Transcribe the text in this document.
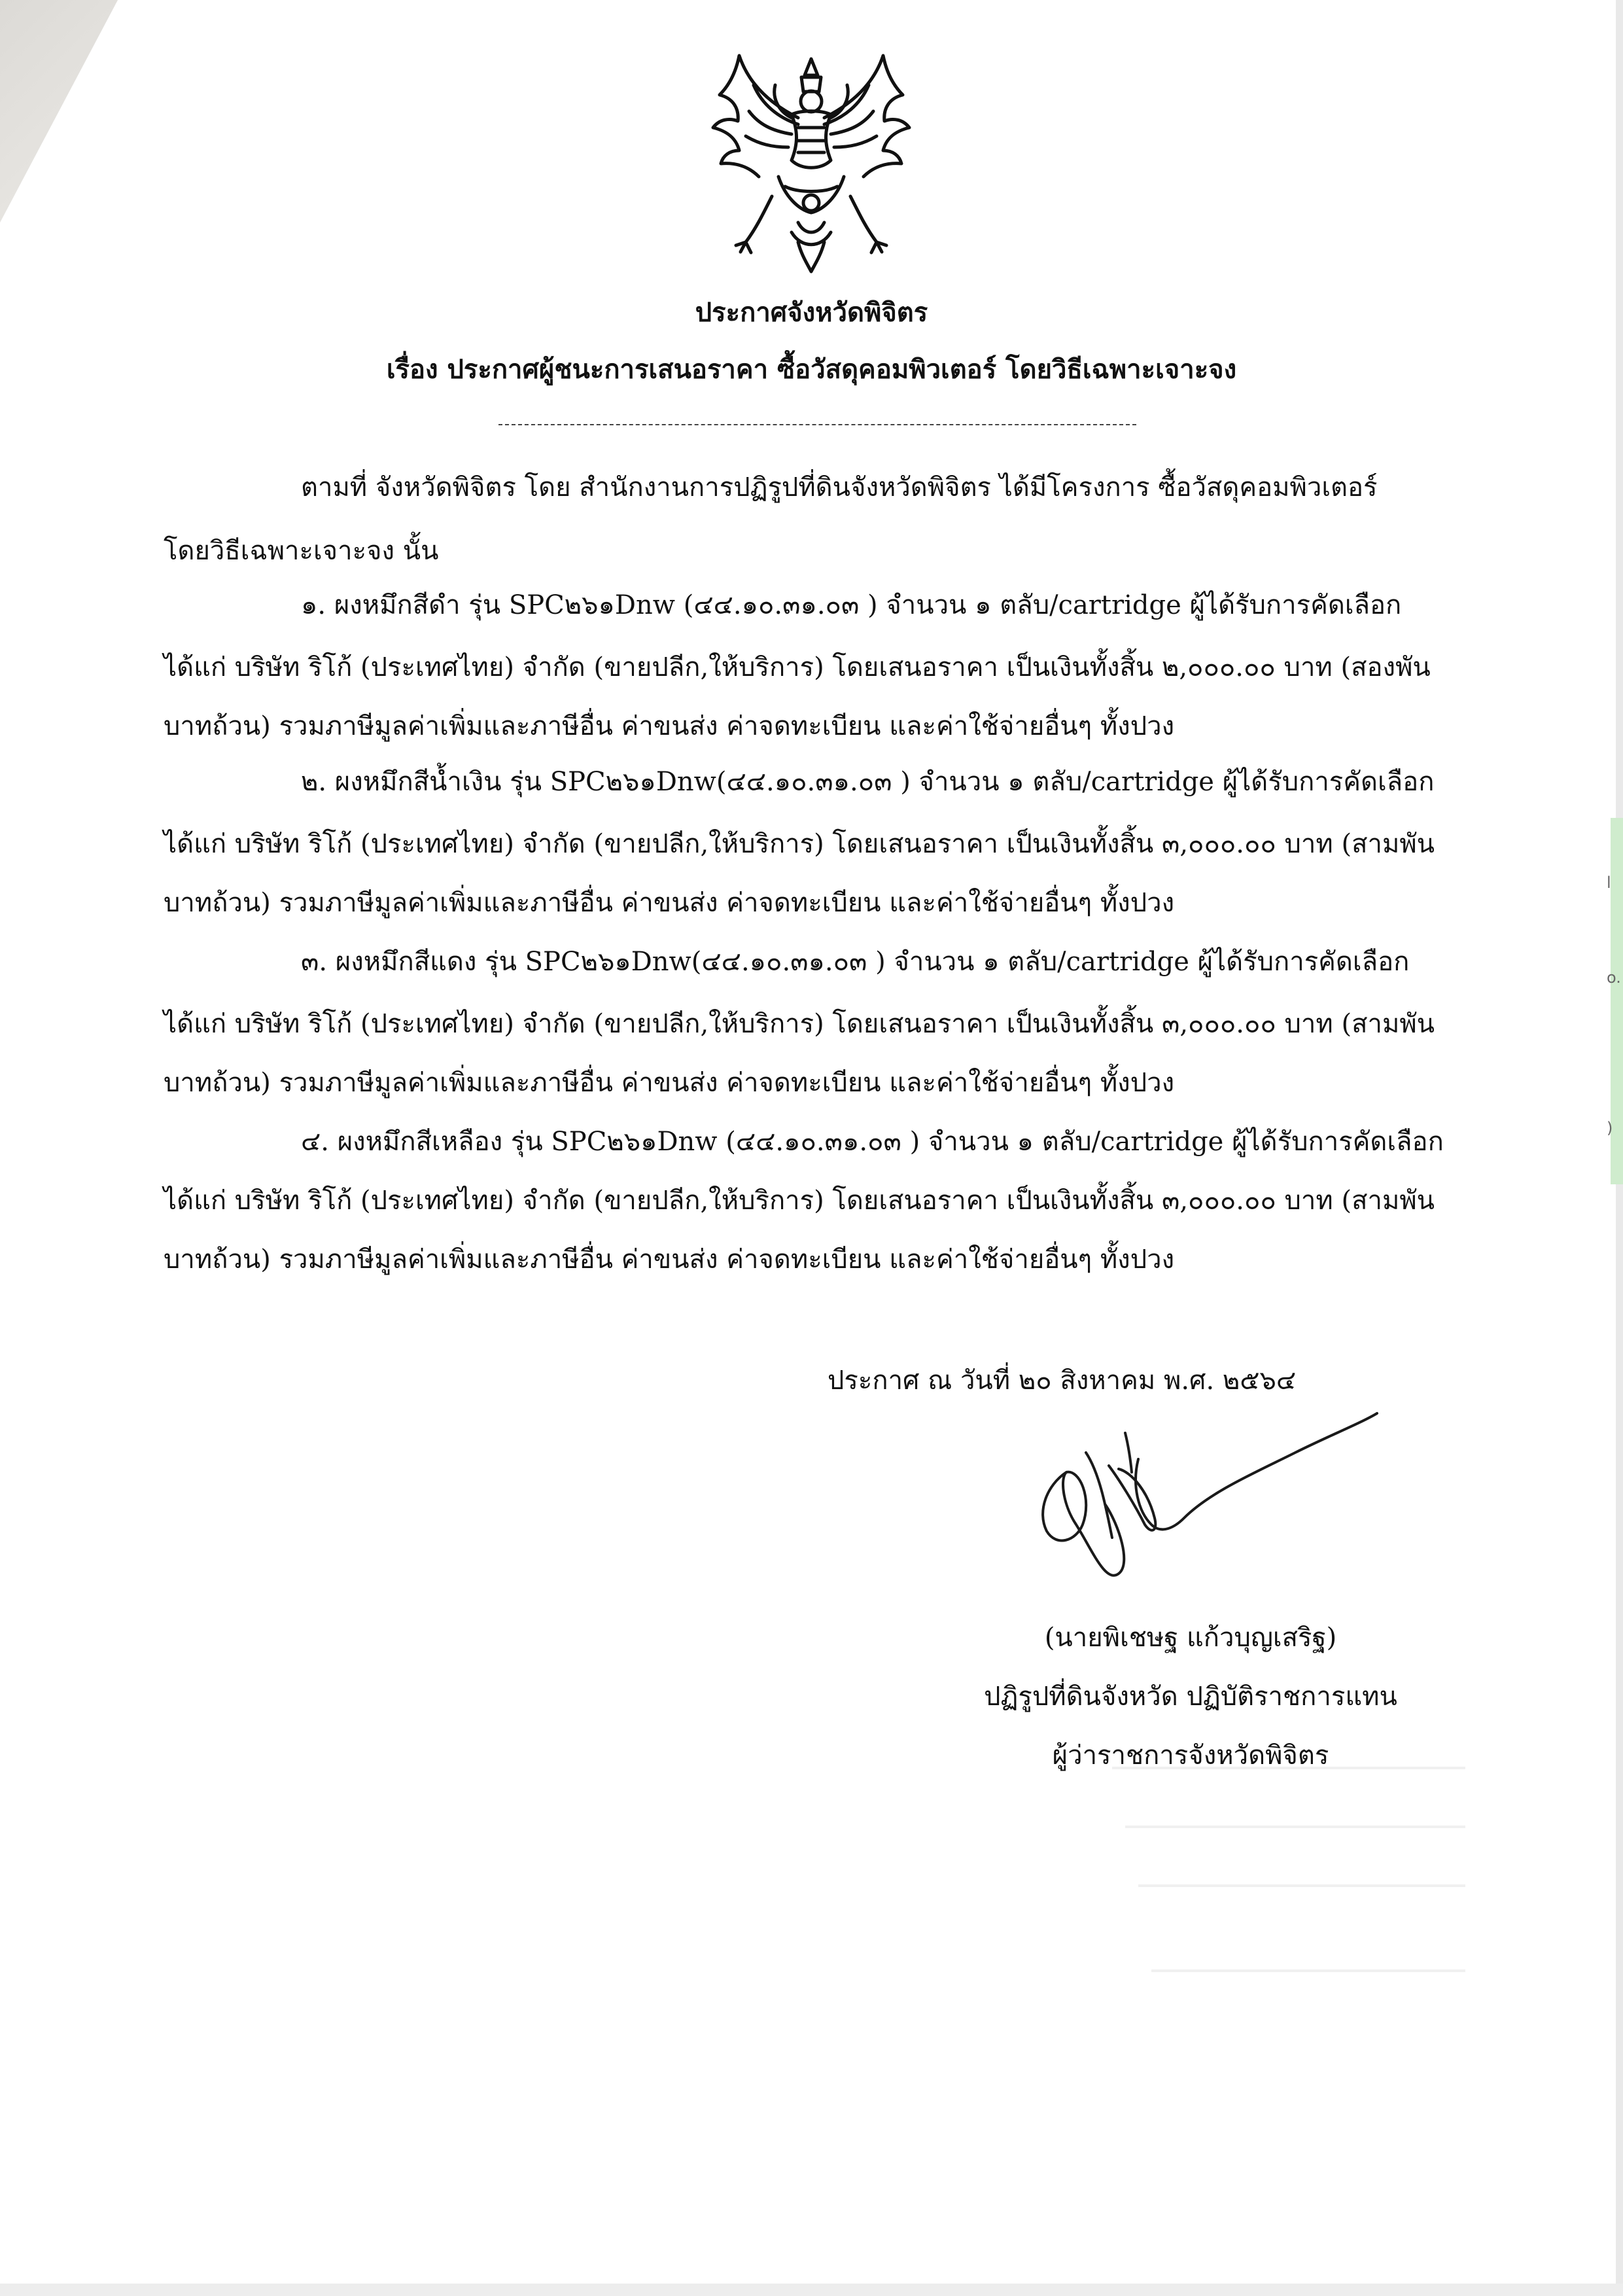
l
o.
)
ประกาศจังหวัดพิจิตร
เรื่อง ประกาศผู้ชนะการเสนอราคา ซื้อวัสดุคอมพิวเตอร์ โดยวิธีเฉพาะเจาะจง
ตามที่ จังหวัดพิจิตร โดย สำนักงานการปฏิรูปที่ดินจังหวัดพิจิตร ได้มีโครงการ ซื้อวัสดุคอมพิวเตอร์
โดยวิธีเฉพาะเจาะจง นั้น
๑. ผงหมึกสีดำ รุ่น SPC๒๖๑Dnw (๔๔.๑๐.๓๑.๐๓ ) จำนวน ๑ ตลับ/cartridge ผู้ได้รับการคัดเลือก
ได้แก่ บริษัท ริโก้ (ประเทศไทย) จำกัด (ขายปลีก,ให้บริการ) โดยเสนอราคา เป็นเงินทั้งสิ้น ๒,๐๐๐.๐๐ บาท (สองพัน
บาทถ้วน) รวมภาษีมูลค่าเพิ่มและภาษีอื่น ค่าขนส่ง ค่าจดทะเบียน และค่าใช้จ่ายอื่นๆ ทั้งปวง
๒. ผงหมึกสีน้ำเงิน รุ่น SPC๒๖๑Dnw(๔๔.๑๐.๓๑.๐๓ ) จำนวน ๑ ตลับ/cartridge ผู้ได้รับการคัดเลือก
ได้แก่ บริษัท ริโก้ (ประเทศไทย) จำกัด (ขายปลีก,ให้บริการ) โดยเสนอราคา เป็นเงินทั้งสิ้น ๓,๐๐๐.๐๐ บาท (สามพัน
บาทถ้วน) รวมภาษีมูลค่าเพิ่มและภาษีอื่น ค่าขนส่ง ค่าจดทะเบียน และค่าใช้จ่ายอื่นๆ ทั้งปวง
๓. ผงหมึกสีแดง รุ่น SPC๒๖๑Dnw(๔๔.๑๐.๓๑.๐๓ ) จำนวน ๑ ตลับ/cartridge ผู้ได้รับการคัดเลือก
ได้แก่ บริษัท ริโก้ (ประเทศไทย) จำกัด (ขายปลีก,ให้บริการ) โดยเสนอราคา เป็นเงินทั้งสิ้น ๓,๐๐๐.๐๐ บาท (สามพัน
บาทถ้วน) รวมภาษีมูลค่าเพิ่มและภาษีอื่น ค่าขนส่ง ค่าจดทะเบียน และค่าใช้จ่ายอื่นๆ ทั้งปวง
๔. ผงหมึกสีเหลือง รุ่น SPC๒๖๑Dnw (๔๔.๑๐.๓๑.๐๓ ) จำนวน ๑ ตลับ/cartridge ผู้ได้รับการคัดเลือก
ได้แก่ บริษัท ริโก้ (ประเทศไทย) จำกัด (ขายปลีก,ให้บริการ) โดยเสนอราคา เป็นเงินทั้งสิ้น ๓,๐๐๐.๐๐ บาท (สามพัน
บาทถ้วน) รวมภาษีมูลค่าเพิ่มและภาษีอื่น ค่าขนส่ง ค่าจดทะเบียน และค่าใช้จ่ายอื่นๆ ทั้งปวง
ประกาศ ณ วันที่ ๒๐ สิงหาคม พ.ศ. ๒๕๖๔
(นายพิเชษฐ แก้วบุญเสริฐ)
ปฏิรูปที่ดินจังหวัด ปฏิบัติราชการแทน
ผู้ว่าราชการจังหวัดพิจิตร
